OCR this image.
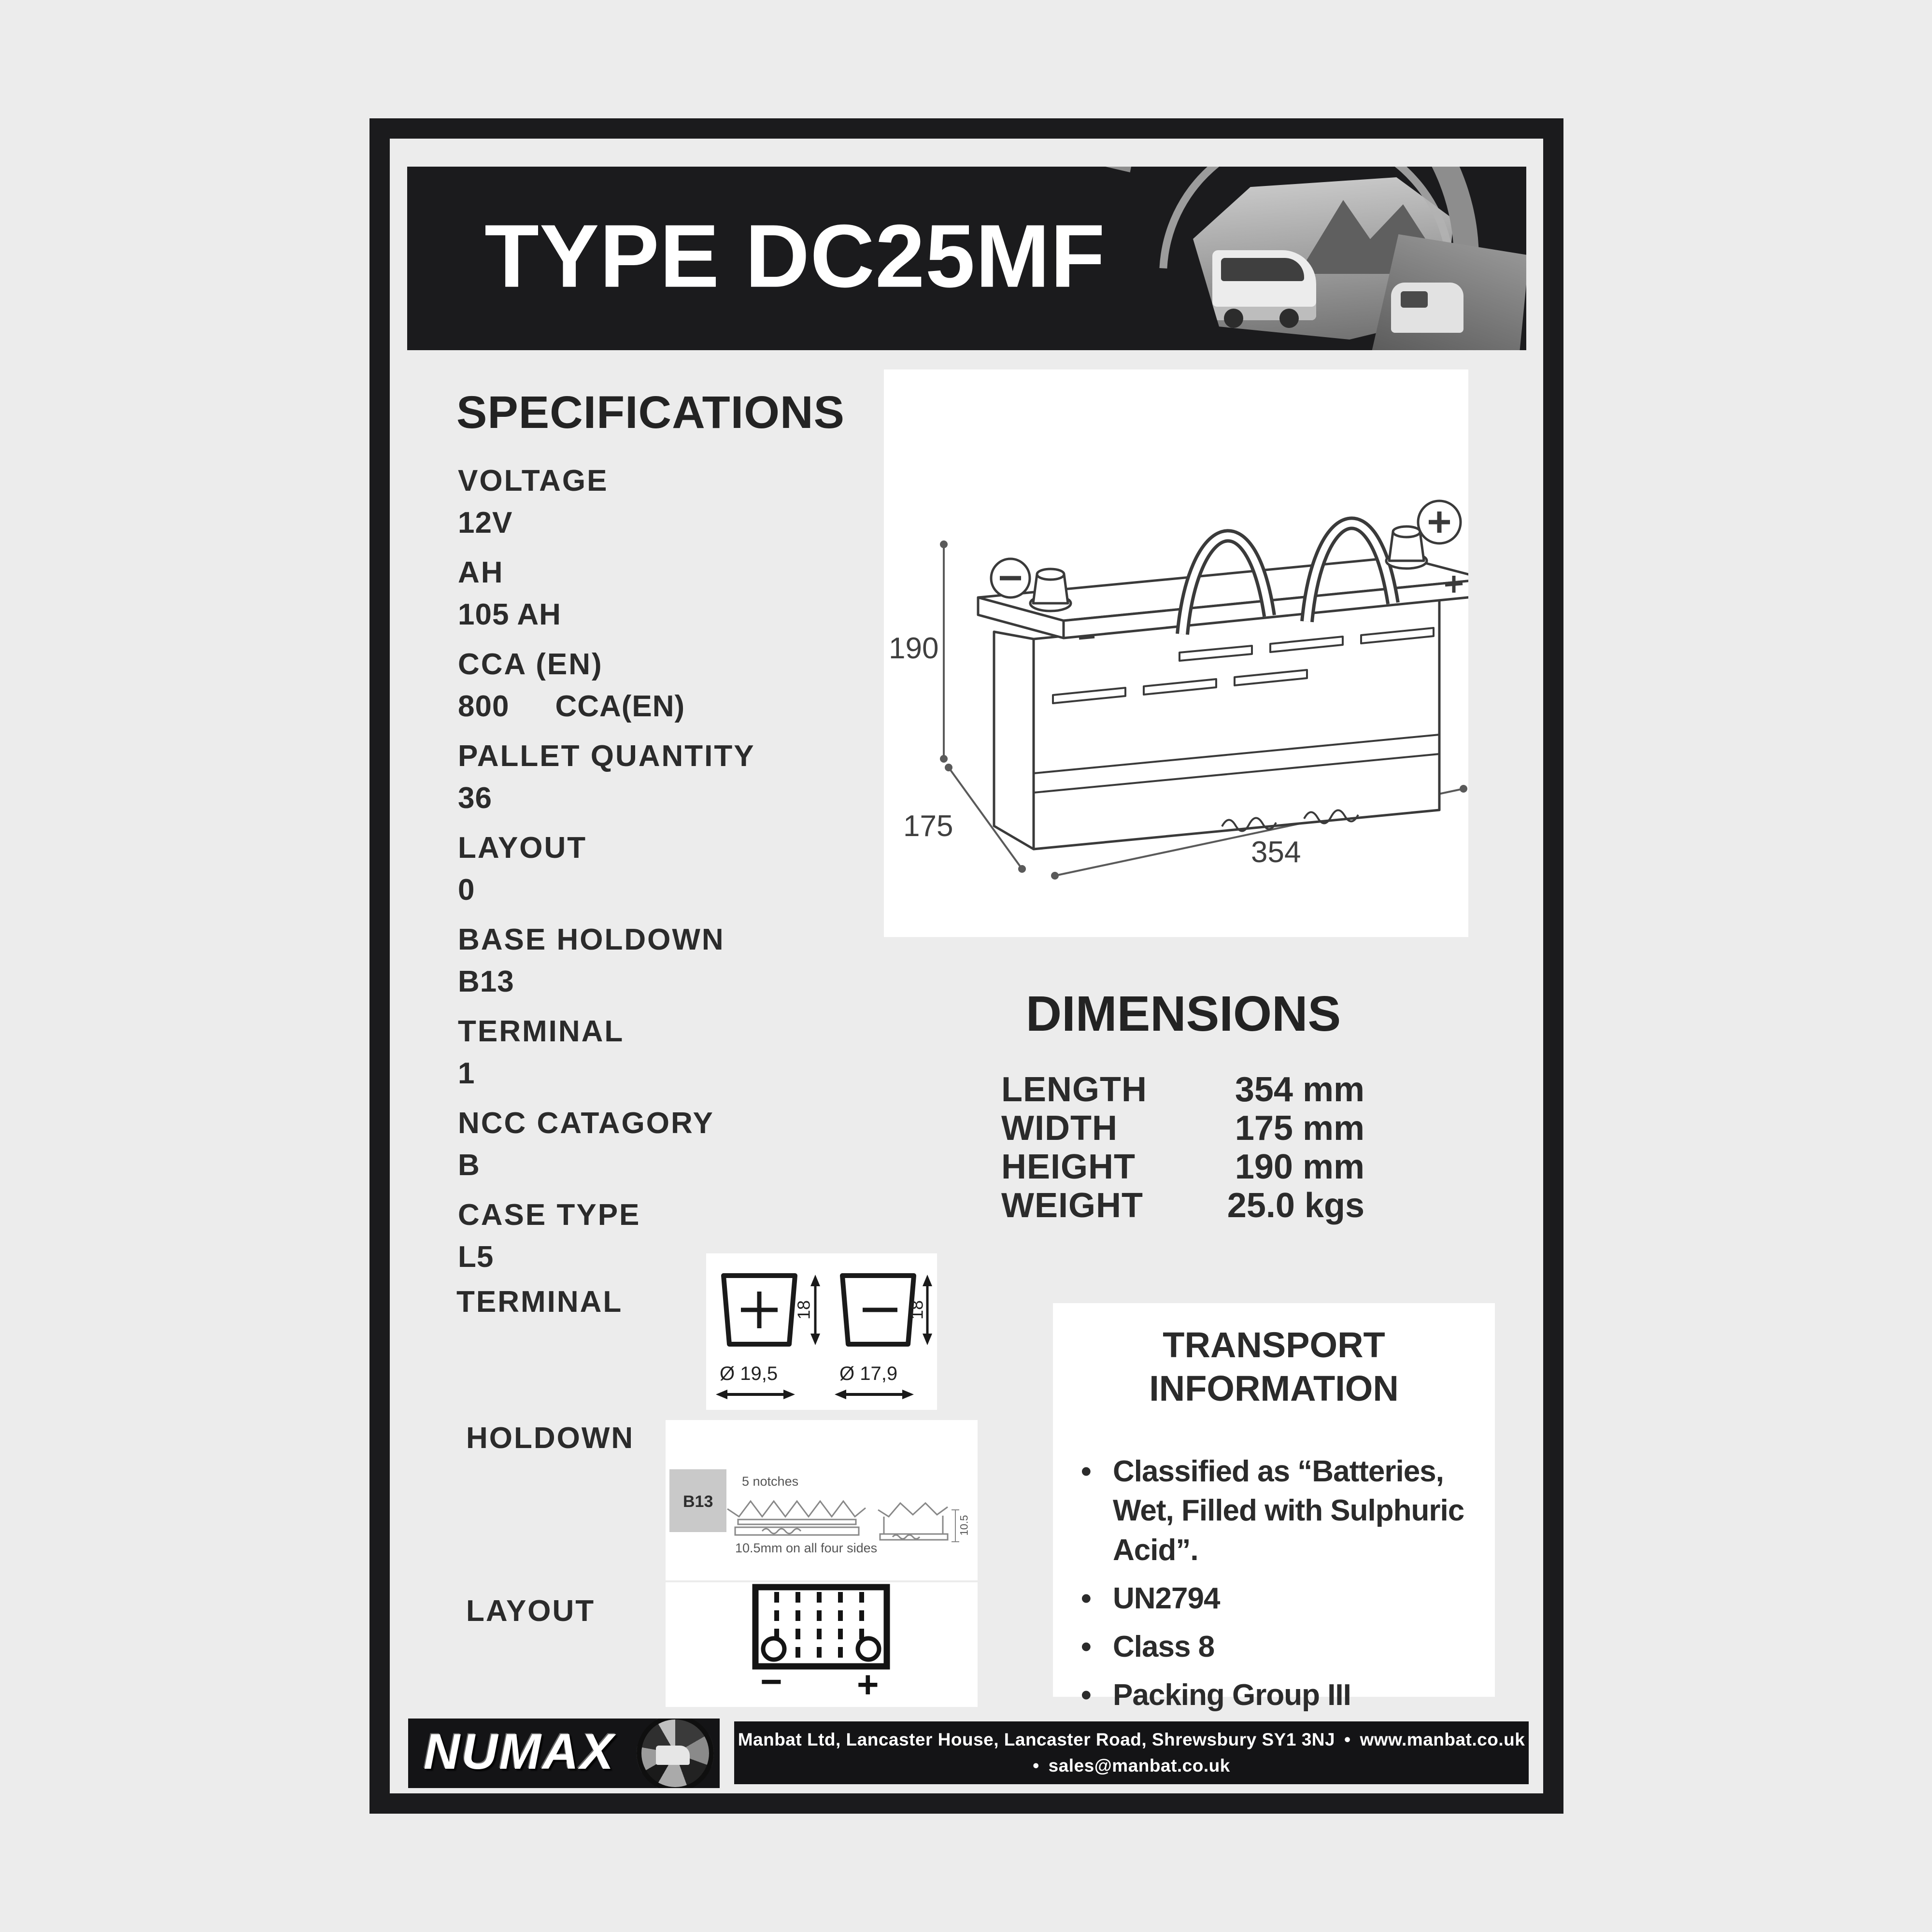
TYPE DC25MF
SPECIFICATIONS
VOLTAGE
12V
AH
105 AH
CCA (EN)
800  CCA(EN)
PALLET QUANTITY
36
LAYOUT
0
BASE HOLDOWN
B13
TERMINAL
1
NCC CATAGORY
B
CASE TYPE
L5
TERMINAL
HOLDOWN
LAYOUT
190
175
354
DIMENSIONS
LENGTH	354 mm
WIDTH	175 mm
HEIGHT	190 mm
WEIGHT	25.0 kgs
18	18
Ø 19,5	Ø 17,9
B13
5 notches
10.5mm on all four sides
10.5
− +
TRANSPORT
INFORMATION
• Classified as “Batteries, Wet, Filled with Sulphuric Acid”.
• UN2794
• Class 8
• Packing Group III
NUMAX	Manbat Ltd, Lancaster House, Lancaster Road, Shrewsbury SY1 3NJ • www.manbat.co.uk
• sales@manbat.co.uk
